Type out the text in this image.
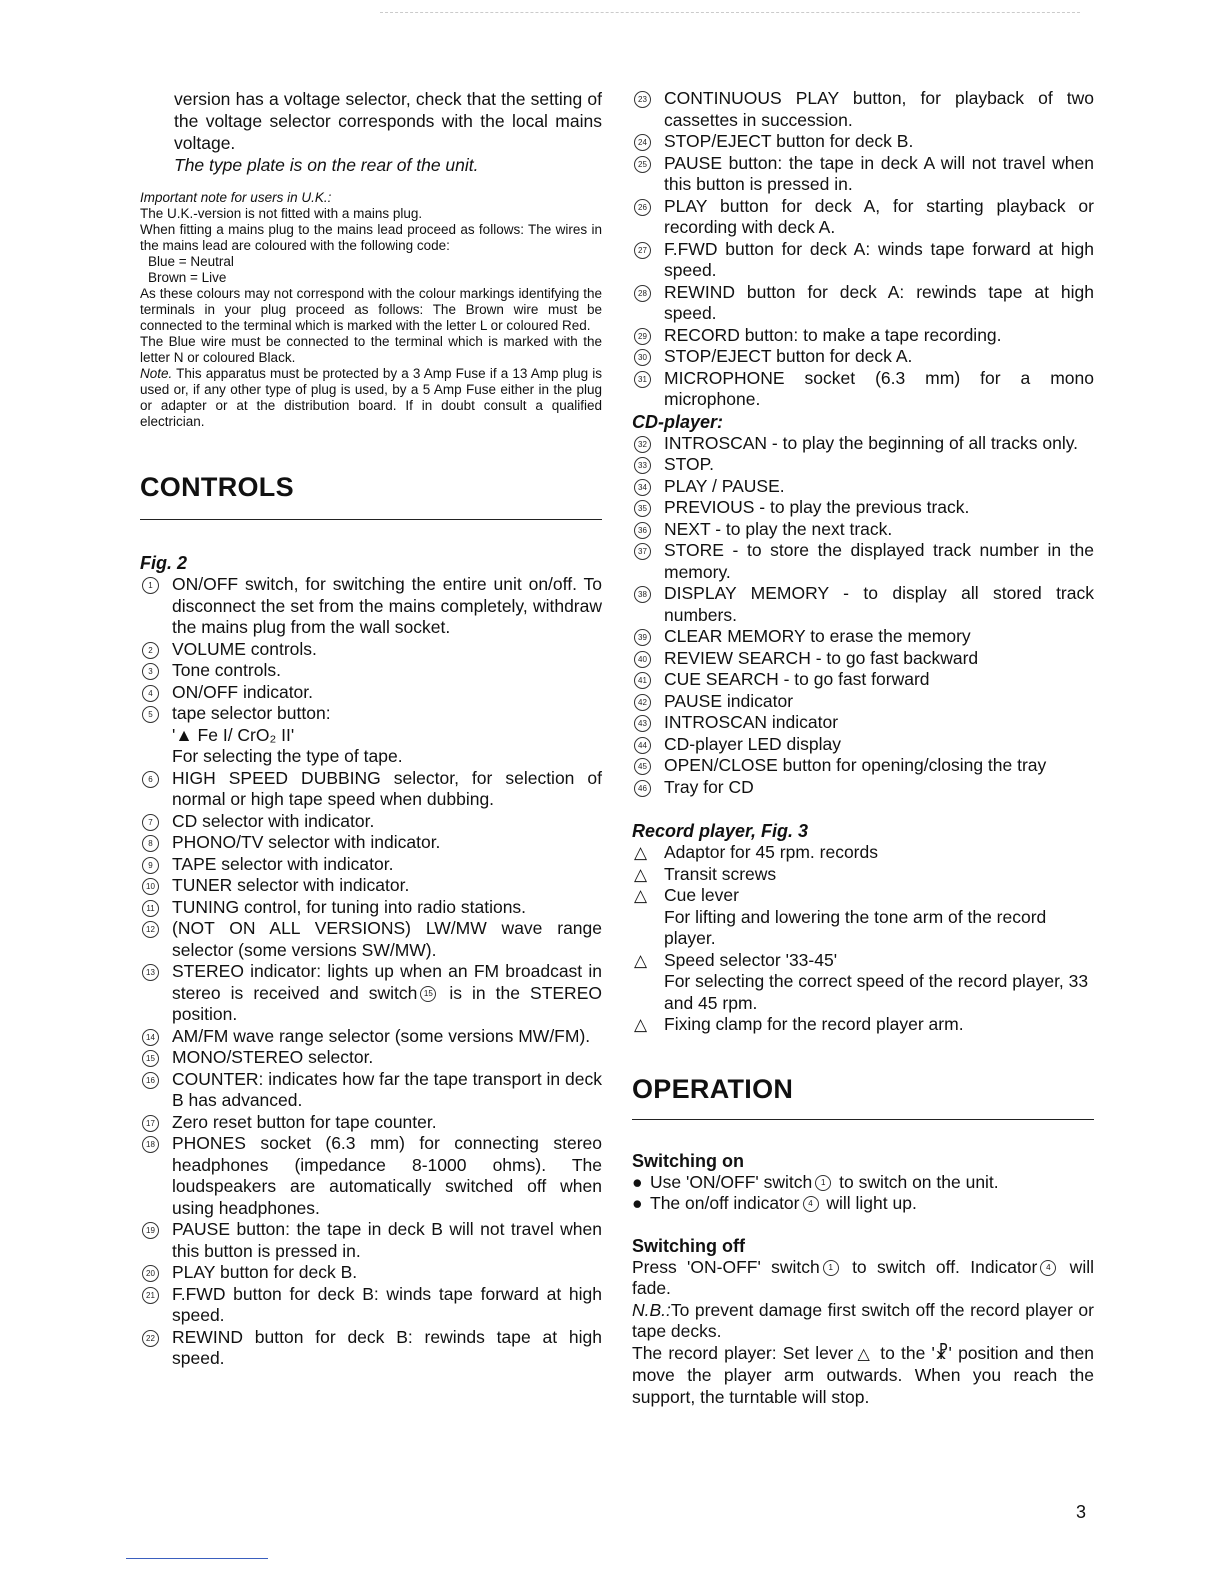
version has a voltage selector, check that the setting of the voltage selector corresponds with the local mains voltage.

The type plate is on the rear of the unit.

Important note for users in U.K.:

The U.K.-version is not fitted with a mains plug.

When fitting a mains plug to the mains lead proceed as follows: The wires in the mains lead are coloured with the following code:

Blue = Neutral

Brown = Live

As these colours may not correspond with the colour markings identifying the terminals in your plug proceed as follows: The Brown wire must be connected to the terminal which is marked with the letter L or coloured Red.

The Blue wire must be connected to the terminal which is marked with the letter N or coloured Black.

Note. This apparatus must be protected by a 3 Amp Fuse if a 13 Amp plug is used or, if any other type of plug is used, by a 5 Amp Fuse either in the plug or adapter or at the distribution board. If in doubt consult a qualified electrician.

CONTROLS
Fig. 2
1	ON/OFF switch, for switching the entire unit on/off. To disconnect the set from the mains completely, withdraw the mains plug from the wall socket.
2	VOLUME controls.
3	Tone controls.
4	ON/OFF indicator.
5	tape selector button:
'▲ Fe I/ CrO₂ II'
For selecting the type of tape.
6	HIGH SPEED DUBBING selector, for selection of normal or high tape speed when dubbing.
7	CD selector with indicator.
8	PHONO/TV selector with indicator.
9	TAPE selector with indicator.
10 TUNER selector with indicator.
11 TUNING control, for tuning into radio stations.
12 (NOT ON ALL VERSIONS) LW/MW wave range selector (some versions SW/MW).
13 STEREO indicator: lights up when an FM broadcast in stereo is received and switch 15 is in the STEREO position.
14 AM/FM wave range selector (some versions MW/FM).
15 MONO/STEREO selector.
16 COUNTER: indicates how far the tape transport in deck B has advanced.
17 Zero reset button for tape counter.
18 PHONES socket (6.3 mm) for connecting stereo headphones (impedance 8-1000 ohms). The loudspeakers are automatically switched off when using headphones.
19 PAUSE button: the tape in deck B will not travel when this button is pressed in.
20 PLAY button for deck B.
21 F.FWD button for deck B: winds tape forward at high speed.
22 REWIND button for deck B: rewinds tape at high speed.
23 CONTINUOUS PLAY button, for playback of two cassettes in succession.
24 STOP/EJECT button for deck B.
25 PAUSE button: the tape in deck A will not travel when this button is pressed in.
26 PLAY button for deck A, for starting playback or recording with deck A.
27 F.FWD button for deck A: winds tape forward at high speed.
28 REWIND button for deck A: rewinds tape at high speed.
29 RECORD button: to make a tape recording.
30 STOP/EJECT button for deck A.
31 MICROPHONE socket (6.3 mm) for a mono microphone.
CD-player:
32 INTROSCAN - to play the beginning of all tracks only.
33 STOP.
34 PLAY / PAUSE.
35 PREVIOUS - to play the previous track.
36 NEXT - to play the next track.
37 STORE - to store the displayed track number in the memory.
38 DISPLAY MEMORY - to display all stored track numbers.
39 CLEAR MEMORY to erase the memory
40 REVIEW SEARCH - to go fast backward
41 CUE SEARCH - to go fast forward
42 PAUSE indicator
43 INTROSCAN indicator
44 CD-player LED display
45 OPEN/CLOSE button for opening/closing the tray
46 Tray for CD
Record player, Fig. 3
△ Adaptor for 45 rpm. records
△ Transit screws
△ Cue lever
For lifting and lowering the tone arm of the record player.
△ Speed selector '33-45'
For selecting the correct speed of the record player, 33 and 45 rpm.
△ Fixing clamp for the record player arm.
OPERATION
Switching on
● Use 'ON/OFF' switch 1 to switch on the unit.
● The on/off indicator 4 will light up.
Switching off

Press 'ON-OFF' switch 1 to switch off. Indicator 4 will fade.

N.B.:To prevent damage first switch off the record player or tape decks.

The record player: Set lever △ to the '☧' position and then move the player arm outwards. When you reach the support, the turntable will stop.

3
